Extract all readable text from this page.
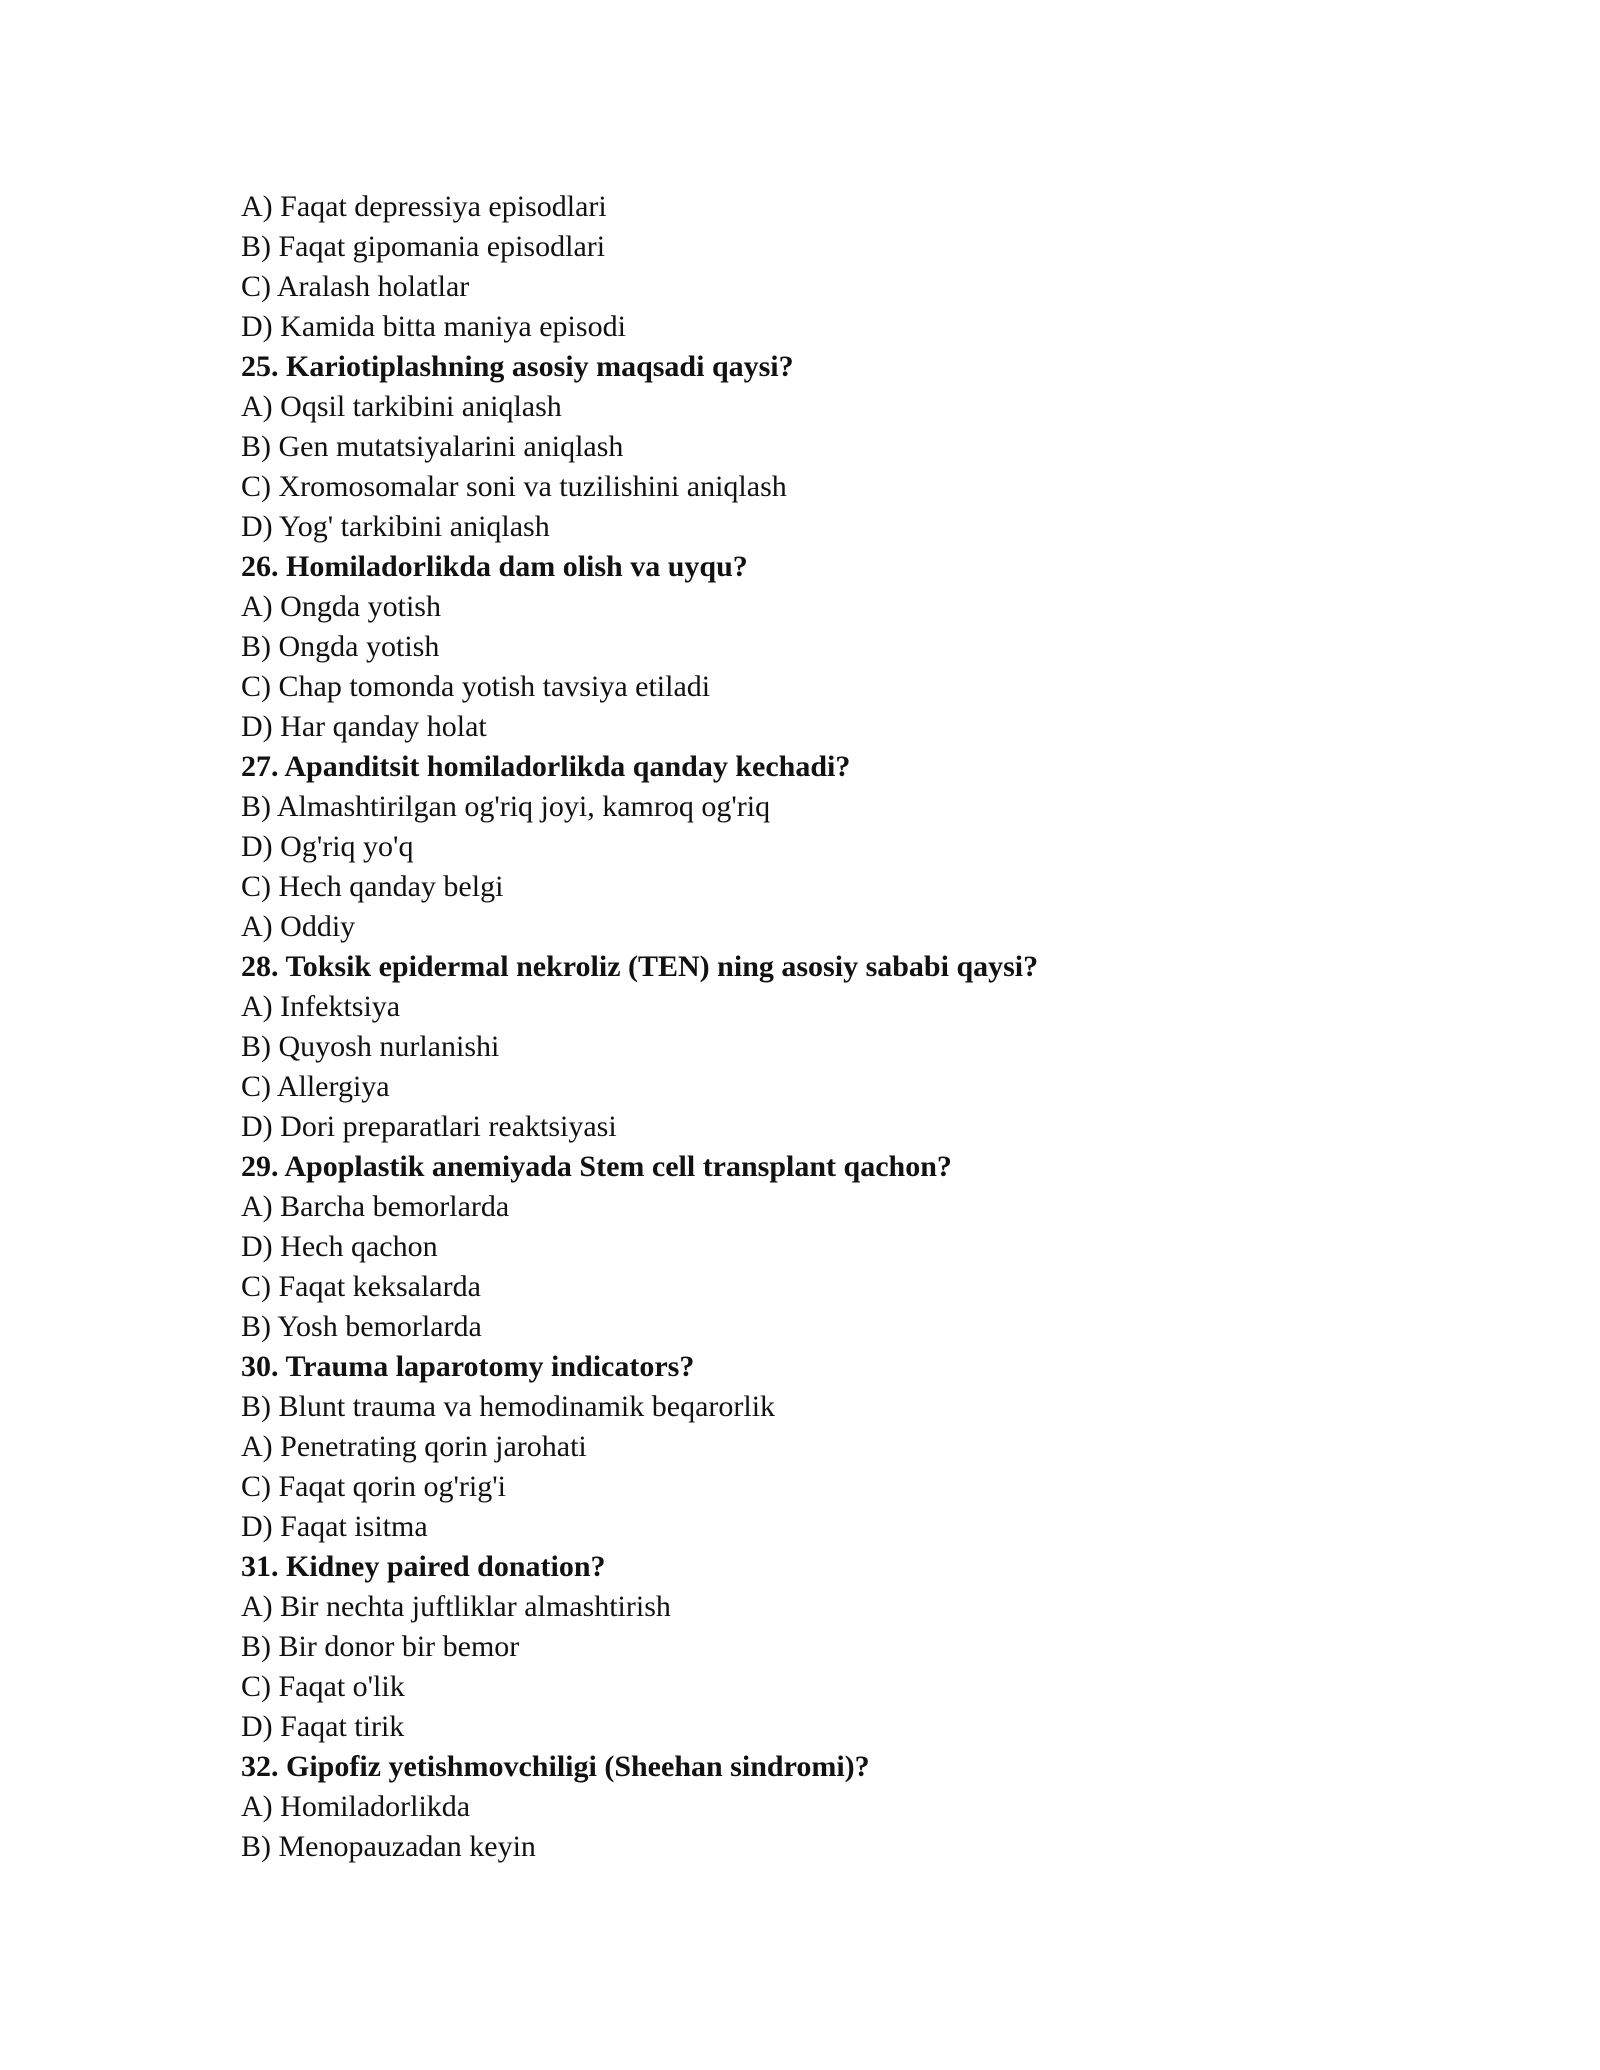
A) Faqat depressiya episodlari
B) Faqat gipomania episodlari
C) Aralash holatlar
D) Kamida bitta maniya episodi
25. Kariotiplashning asosiy maqsadi qaysi?
A) Oqsil tarkibini aniqlash
B) Gen mutatsiyalarini aniqlash
C) Xromosomalar soni va tuzilishini aniqlash
D) Yog' tarkibini aniqlash
26. Homiladorlikda dam olish va uyqu?
A) Ongda yotish
B) Ongda yotish
C) Chap tomonda yotish tavsiya etiladi
D) Har qanday holat
27. Apanditsit homiladorlikda qanday kechadi?
B) Almashtirilgan og'riq joyi, kamroq og'riq
D) Og'riq yo'q
C) Hech qanday belgi
A) Oddiy
28. Toksik epidermal nekroliz (TEN) ning asosiy sababi qaysi?
A) Infektsiya
B) Quyosh nurlanishi
C) Allergiya
D) Dori preparatlari reaktsiyasi
29. Apoplastik anemiyada Stem cell transplant qachon?
A) Barcha bemorlarda
D) Hech qachon
C) Faqat keksalarda
B) Yosh bemorlarda
30. Trauma laparotomy indicators?
B) Blunt trauma va hemodinamik beqarorlik
A) Penetrating qorin jarohati
C) Faqat qorin og'rig'i
D) Faqat isitma
31. Kidney paired donation?
A) Bir nechta juftliklar almashtirish
B) Bir donor bir bemor
C) Faqat o'lik
D) Faqat tirik
32. Gipofiz yetishmovchiligi (Sheehan sindromi)?
A) Homiladorlikda
B) Menopauzadan keyin
